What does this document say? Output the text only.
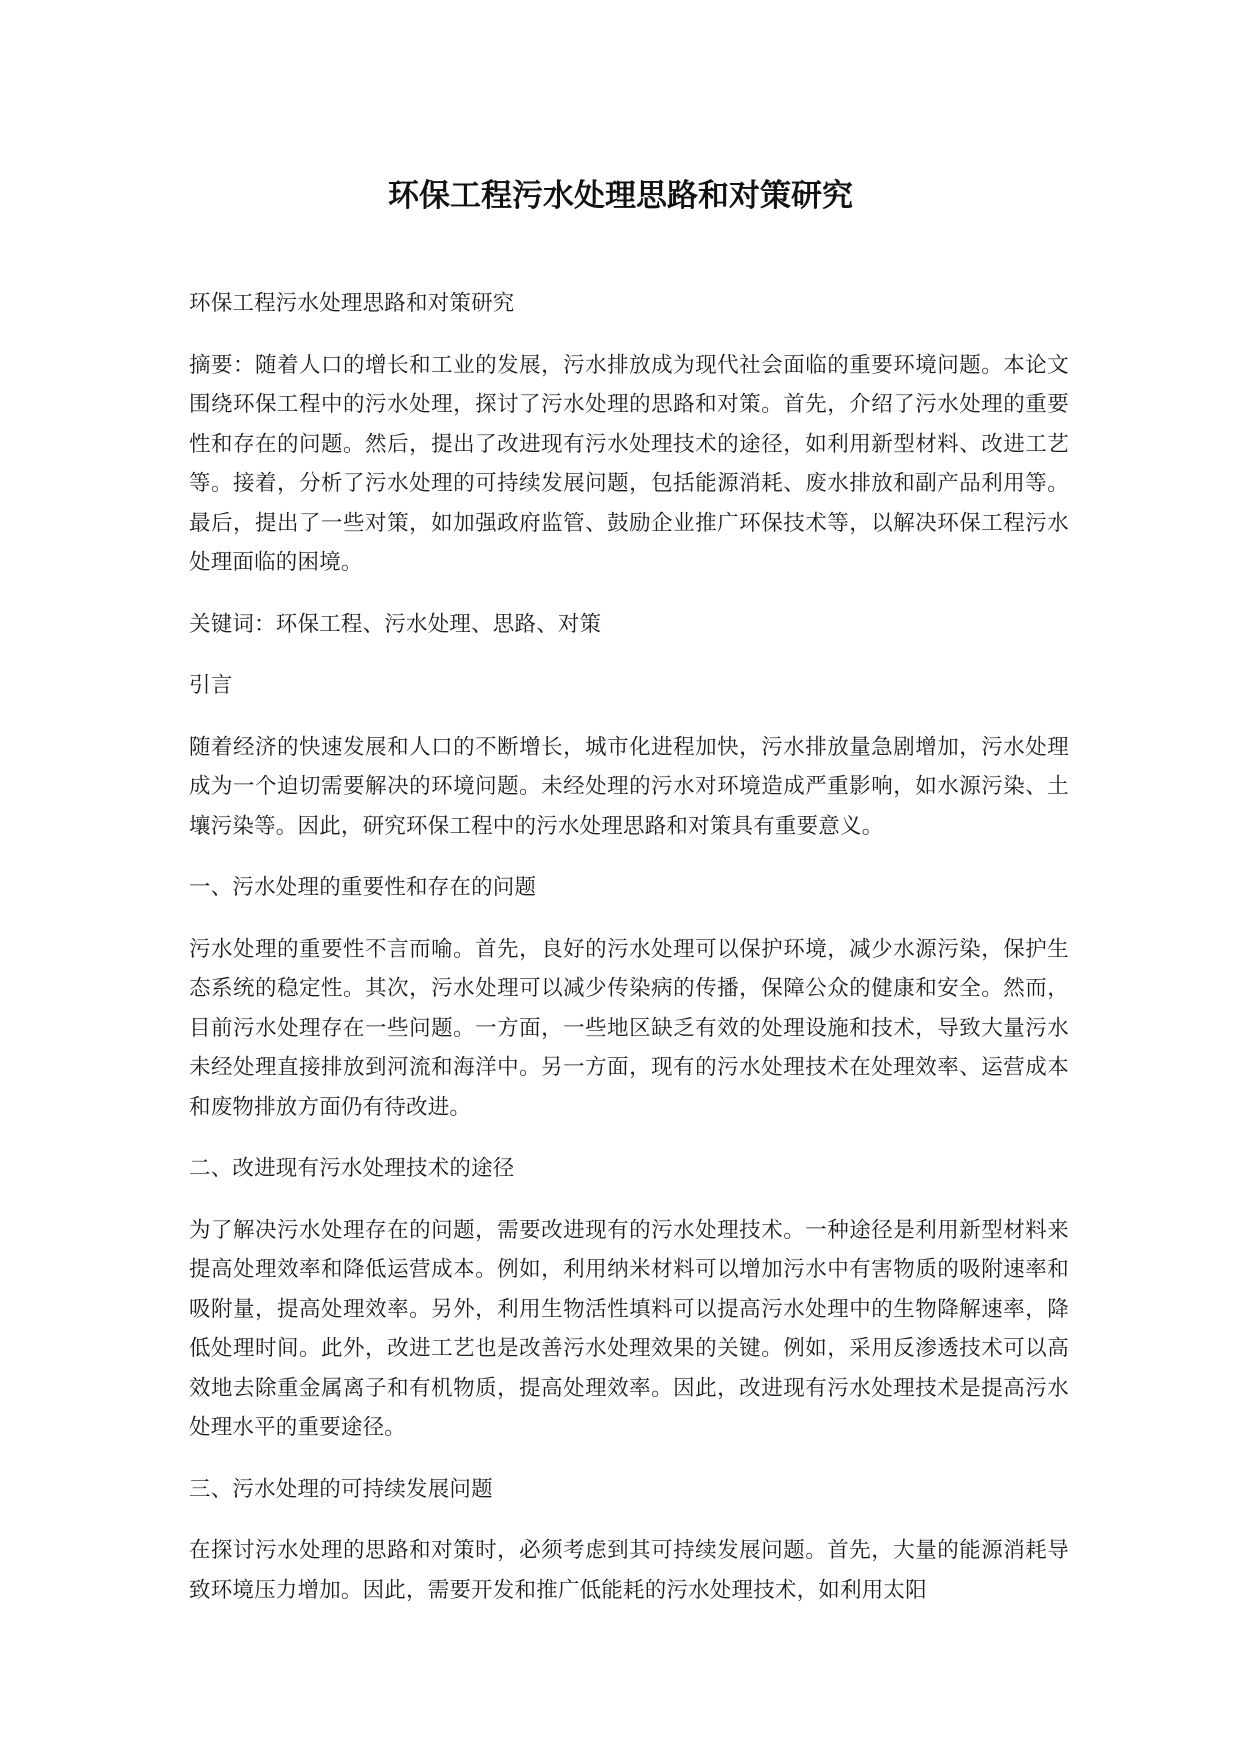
环保工程污水处理思路和对策研究

环保工程污水处理思路和对策研究

摘要：随着人口的增长和工业的发展，污水排放成为现代社会面临的重要环境问题。本论文围绕环保工程中的污水处理，探讨了污水处理的思路和对策。首先，介绍了污水处理的重要性和存在的问题。然后，提出了改进现有污水处理技术的途径，如利用新型材料、改进工艺等。接着，分析了污水处理的可持续发展问题，包括能源消耗、废水排放和副产品利用等。最后，提出了一些对策，如加强政府监管、鼓励企业推广环保技术等，以解决环保工程污水处理面临的困境。

关键词：环保工程、污水处理、思路、对策

引言

随着经济的快速发展和人口的不断增长，城市化进程加快，污水排放量急剧增加，污水处理成为一个迫切需要解决的环境问题。未经处理的污水对环境造成严重影响，如水源污染、土壤污染等。因此，研究环保工程中的污水处理思路和对策具有重要意义。

一、污水处理的重要性和存在的问题

污水处理的重要性不言而喻。首先，良好的污水处理可以保护环境，减少水源污染，保护生态系统的稳定性。其次，污水处理可以减少传染病的传播，保障公众的健康和安全。然而，目前污水处理存在一些问题。一方面，一些地区缺乏有效的处理设施和技术，导致大量污水未经处理直接排放到河流和海洋中。另一方面，现有的污水处理技术在处理效率、运营成本和废物排放方面仍有待改进。

二、改进现有污水处理技术的途径

为了解决污水处理存在的问题，需要改进现有的污水处理技术。一种途径是利用新型材料来提高处理效率和降低运营成本。例如，利用纳米材料可以增加污水中有害物质的吸附速率和吸附量，提高处理效率。另外，利用生物活性填料可以提高污水处理中的生物降解速率，降低处理时间。此外，改进工艺也是改善污水处理效果的关键。例如，采用反渗透技术可以高效地去除重金属离子和有机物质，提高处理效率。因此，改进现有污水处理技术是提高污水处理水平的重要途径。

三、污水处理的可持续发展问题

在探讨污水处理的思路和对策时，必须考虑到其可持续发展问题。首先，大量的能源消耗导致环境压力增加。因此，需要开发和推广低能耗的污水处理技术，如利用太阳
